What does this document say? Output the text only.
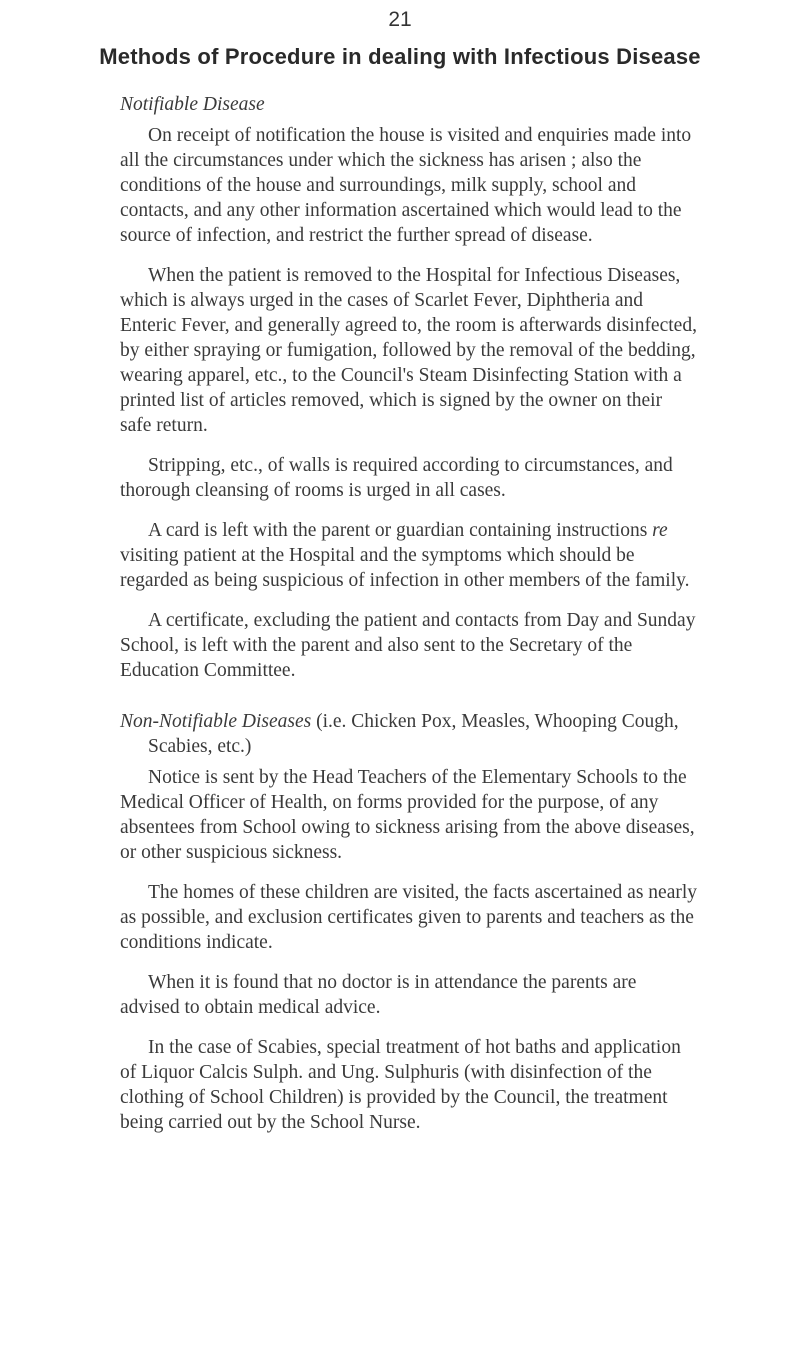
21
Methods of Procedure in dealing with Infectious Disease
Notifiable Disease

On receipt of notification the house is visited and enquiries made into all the circumstances under which the sickness has arisen ; also the conditions of the house and surroundings, milk supply, school and contacts, and any other information ascertained which would lead to the source of infection, and restrict the further spread of disease.

When the patient is removed to the Hospital for Infectious Diseases, which is always urged in the cases of Scarlet Fever, Diphtheria and Enteric Fever, and generally agreed to, the room is afterwards disinfected, by either spraying or fumigation, followed by the removal of the bedding, wearing apparel, etc., to the Council's Steam Disinfecting Station with a printed list of articles removed, which is signed by the owner on their safe return.

Stripping, etc., of walls is required according to circumstances, and thorough cleansing of rooms is urged in all cases.

A card is left with the parent or guardian containing instructions re visiting patient at the Hospital and the symptoms which should be regarded as being suspicious of infection in other members of the family.

A certificate, excluding the patient and contacts from Day and Sunday School, is left with the parent and also sent to the Secretary of the Education Committee.

Non-Notifiable Diseases (i.e. Chicken Pox, Measles, Whooping Cough, Scabies, etc.)

Notice is sent by the Head Teachers of the Elementary Schools to the Medical Officer of Health, on forms provided for the purpose, of any absentees from School owing to sickness arising from the above diseases, or other suspicious sickness.

The homes of these children are visited, the facts ascertained as nearly as possible, and exclusion certificates given to parents and teachers as the conditions indicate.

When it is found that no doctor is in attendance the parents are advised to obtain medical advice.

In the case of Scabies, special treatment of hot baths and application of Liquor Calcis Sulph. and Ung. Sulphuris (with disinfection of the clothing of School Children) is provided by the Council, the treatment being carried out by the School Nurse.
